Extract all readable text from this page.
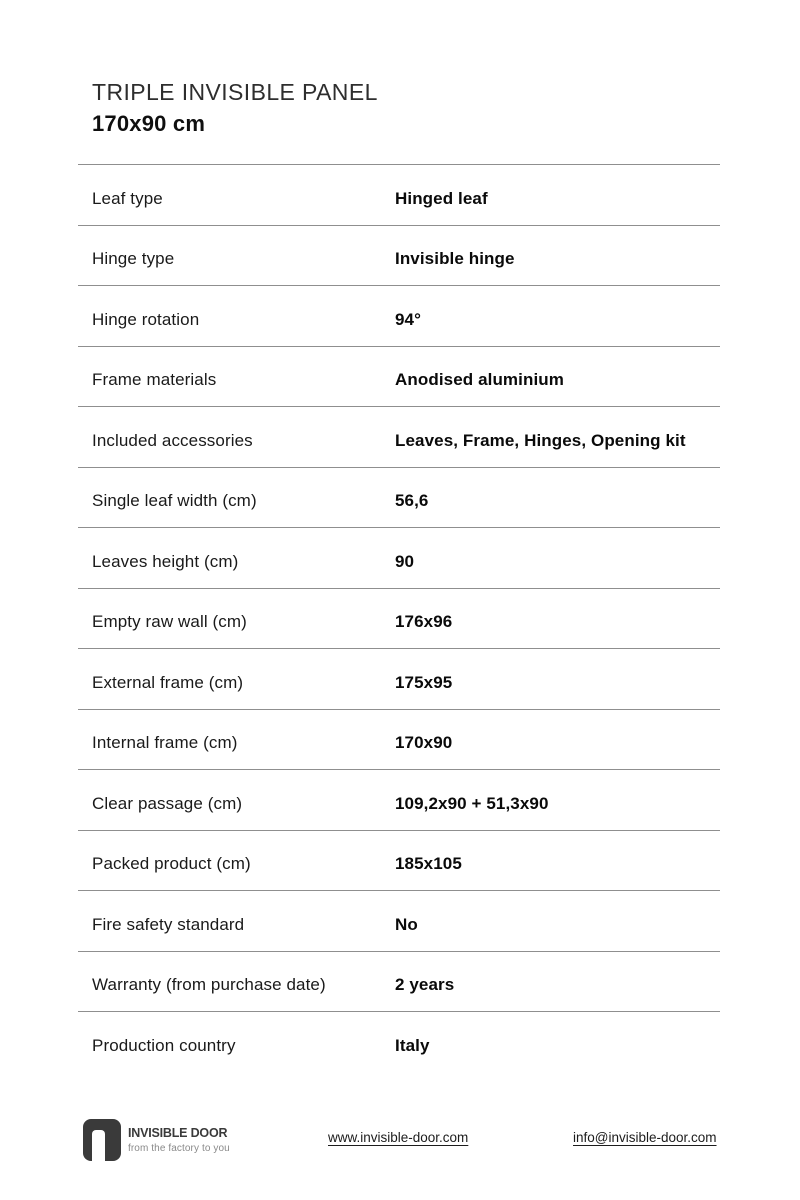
TRIPLE INVISIBLE PANEL
170x90 cm
Leaf type	Hinged leaf
Hinge type	Invisible hinge
Hinge rotation	94°
Frame materials	Anodised aluminium
Included accessories	Leaves, Frame, Hinges, Opening kit
Single leaf width (cm)	56,6
Leaves height (cm)	90
Empty raw wall (cm)	176x96
External frame (cm)	175x95
Internal frame (cm)	170x90
Clear passage (cm)	109,2x90 + 51,3x90
Packed product (cm)	185x105
Fire safety standard	No
Warranty (from purchase date)	2 years
Production country	Italy
INVISIBLE DOOR
from the factory to you
www.invisible-door.com	info@invisible-door.com
